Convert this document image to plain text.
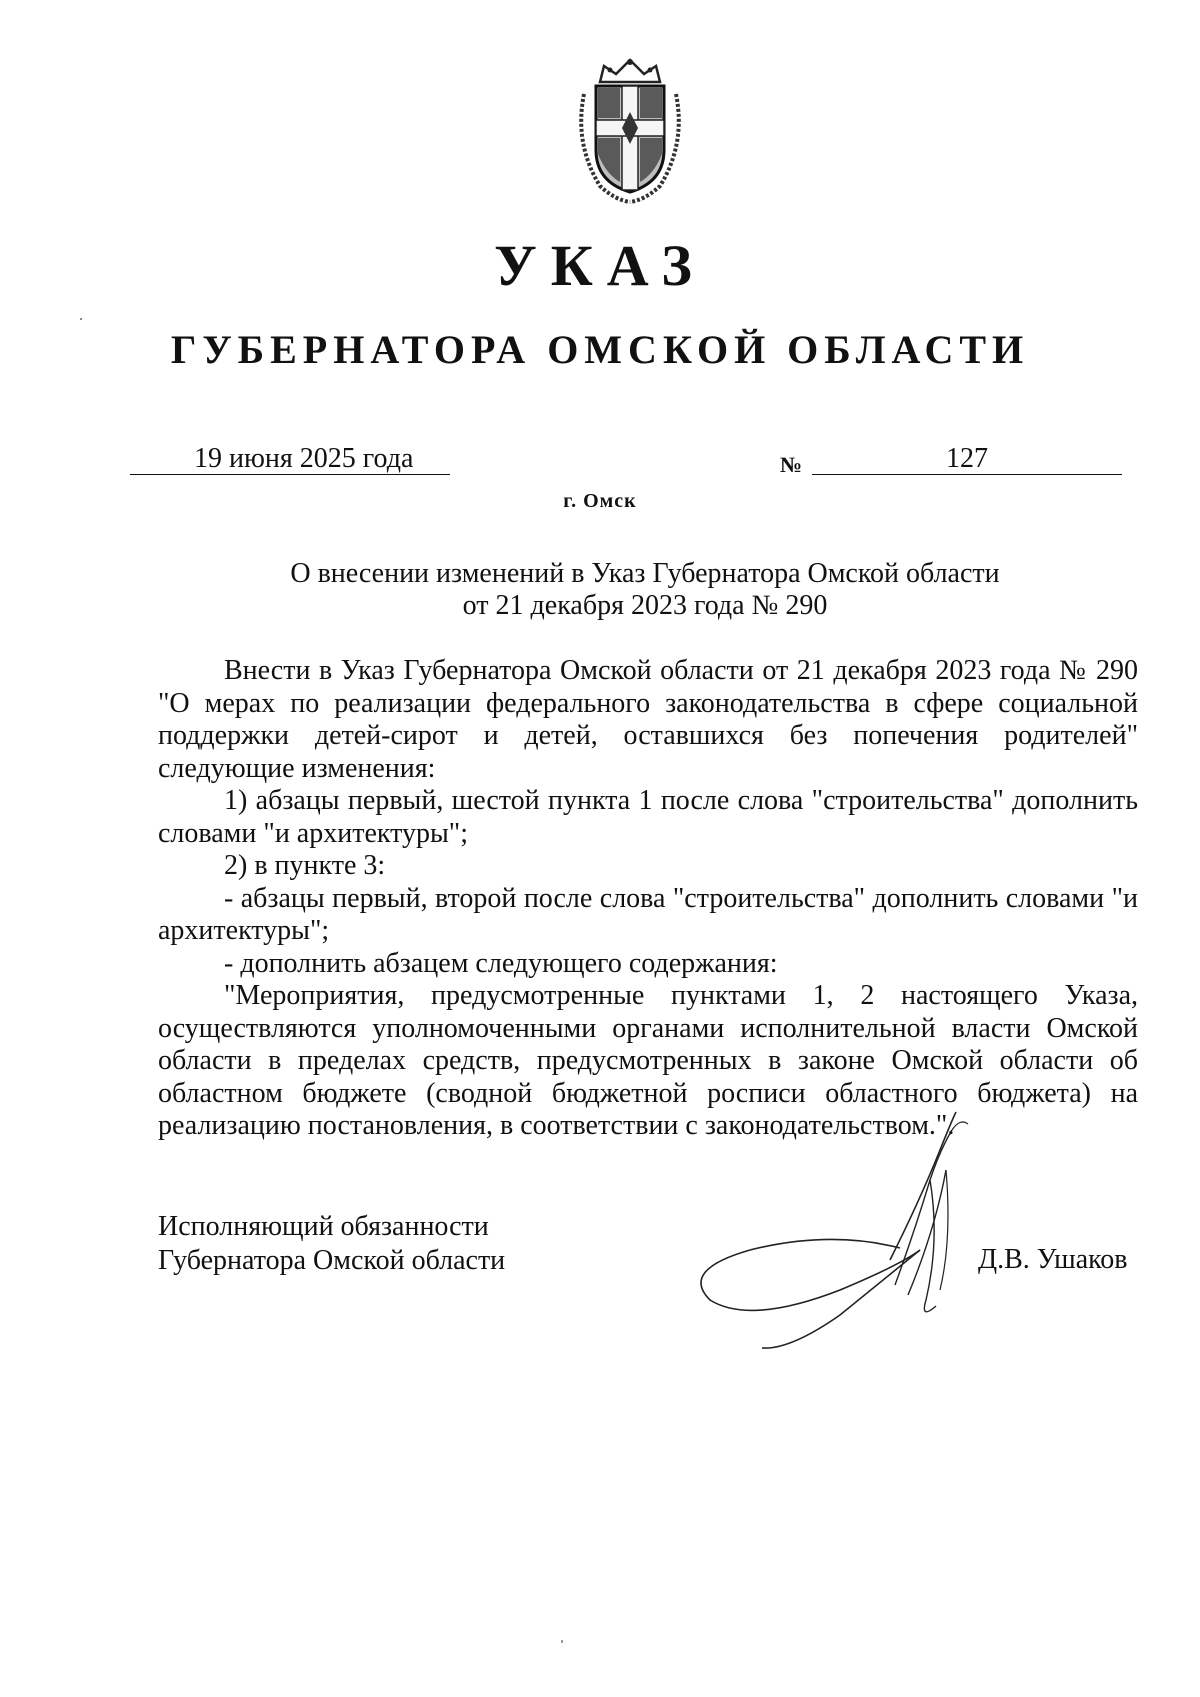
УКАЗ
ГУБЕРНАТОРА ОМСКОЙ ОБЛАСТИ
19 июня 2025 года	№	127
г. Омск
О внесении изменений в Указ Губернатора Омской области
от 21 декабря 2023 года № 290

Внести в Указ Губернатора Омской области от 21 декабря 2023 года № 290 "О мерах по реализации федерального законодательства в сфере социальной поддержки детей-сирот и детей, оставшихся без попечения родителей" следующие изменения:

1) абзацы первый, шестой пункта 1 после слова "строительства" дополнить словами "и архитектуры";

2) в пункте 3:

- абзацы первый, второй после слова "строительства" дополнить словами "и архитектуры";

- дополнить абзацем следующего содержания:

"Мероприятия, предусмотренные пунктами 1, 2 настоящего Указа, осуществляются уполномоченными органами исполнительной власти Омской области в пределах средств, предусмотренных в законе Омской области об областном бюджете (сводной бюджетной росписи областного бюджета) на реализацию постановления, в соответствии с законодательством.".

Исполняющий обязанности
Губернатора Омской области	Д.В. Ушаков
